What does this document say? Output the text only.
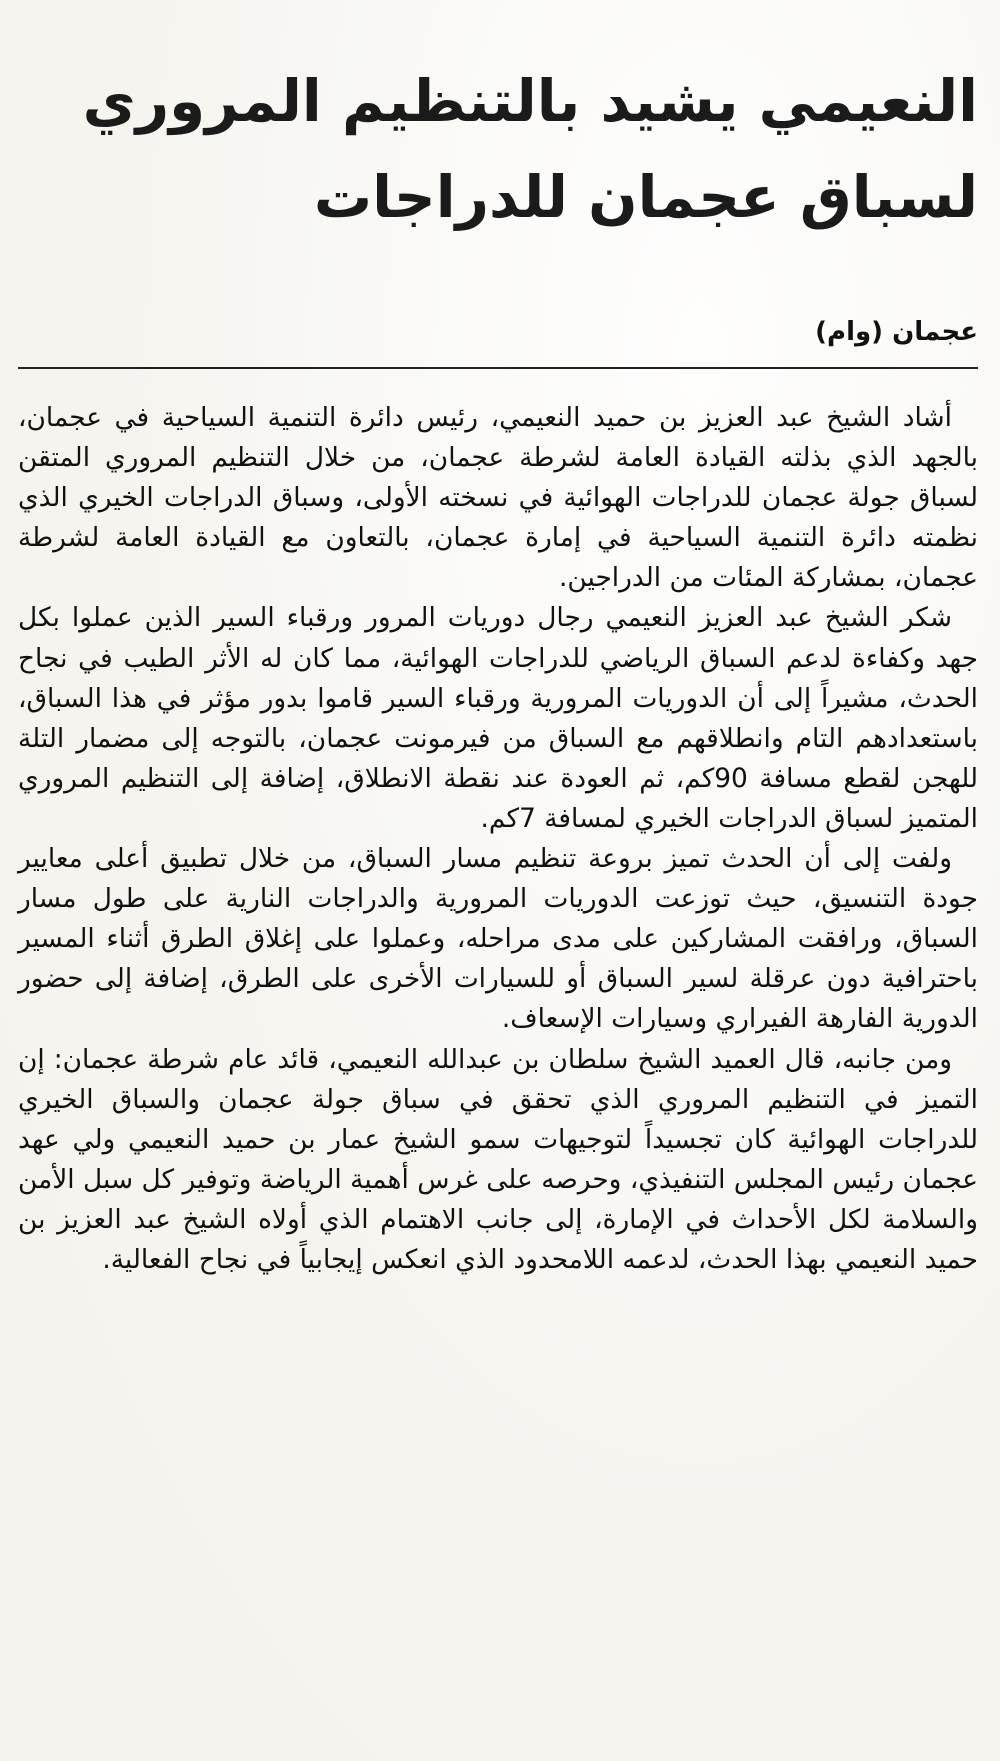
النعيمي يشيد بالتنظيم المروري
لسباق عجمان للدراجات
عجمان (وام)

أشاد الشيخ عبد العزيز بن حميد النعيمي، رئيس دائرة التنمية السياحية في عجمان، بالجهد الذي بذلته القيادة العامة لشرطة عجمان، من خلال التنظيم المروري المتقن لسباق جولة عجمان للدراجات الهوائية في نسخته الأولى، وسباق الدراجات الخيري الذي نظمته دائرة التنمية السياحية في إمارة عجمان، بالتعاون مع القيادة العامة لشرطة عجمان، بمشاركة المئات من الدراجين.

شكر الشيخ عبد العزيز النعيمي رجال دوريات المرور ورقباء السير الذين عملوا بكل جهد وكفاءة لدعم السباق الرياضي للدراجات الهوائية، مما كان له الأثر الطيب في نجاح الحدث، مشيراً إلى أن الدوريات المرورية ورقباء السير قاموا بدور مؤثر في هذا السباق، باستعدادهم التام وانطلاقهم مع السباق من فيرمونت عجمان، بالتوجه إلى مضمار التلة للهجن لقطع مسافة 90كم، ثم العودة عند نقطة الانطلاق، إضافة إلى التنظيم المروري المتميز لسباق الدراجات الخيري لمسافة 7كم.

ولفت إلى أن الحدث تميز بروعة تنظيم مسار السباق، من خلال تطبيق أعلى معايير جودة التنسيق، حيث توزعت الدوريات المرورية والدراجات النارية على طول مسار السباق، ورافقت المشاركين على مدى مراحله، وعملوا على إغلاق الطرق أثناء المسير باحترافية دون عرقلة لسير السباق أو للسيارات الأخرى على الطرق، إضافة إلى حضور الدورية الفارهة الفيراري وسيارات الإسعاف.

ومن جانبه، قال العميد الشيخ سلطان بن عبدالله النعيمي، قائد عام شرطة عجمان: إن التميز في التنظيم المروري الذي تحقق في سباق جولة عجمان والسباق الخيري للدراجات الهوائية كان تجسيداً لتوجيهات سمو الشيخ عمار بن حميد النعيمي ولي عهد عجمان رئيس المجلس التنفيذي، وحرصه على غرس أهمية الرياضة وتوفير كل سبل الأمن والسلامة لكل الأحداث في الإمارة، إلى جانب الاهتمام الذي أولاه الشيخ عبد العزيز بن حميد النعيمي بهذا الحدث، لدعمه اللامحدود الذي انعكس إيجابياً في نجاح الفعالية.
